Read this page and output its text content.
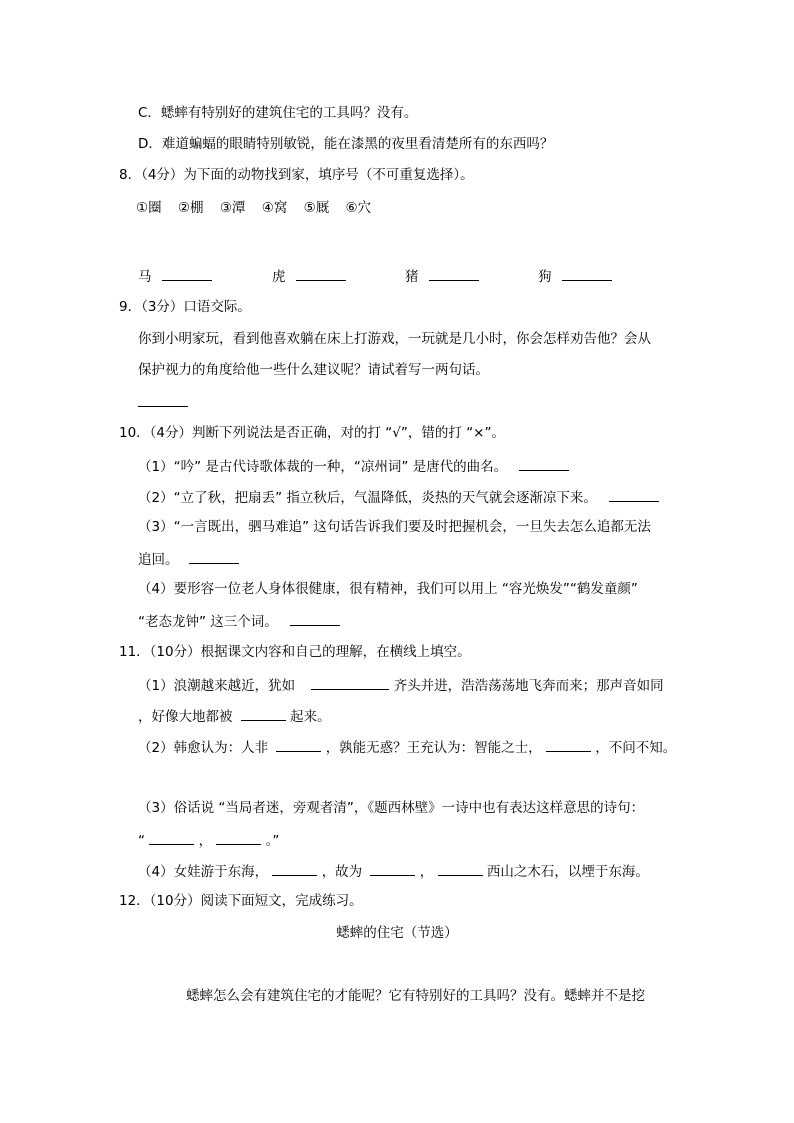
C．蟋蟀有特别好的建筑住宅的工具吗？没有。
D．难道蝙蝠的眼睛特别敏锐，能在漆黑的夜里看清楚所有的东西吗？
8．（4分）为下面的动物找到家，填序号（不可重复选择）。
①圈 ②棚 ③潭 ④窝 ⑤厩 ⑥穴
马	虎	猪	狗
9．（3分）口语交际。
你到小明家玩，看到他喜欢躺在床上打游戏，一玩就是几小时，你会怎样劝告他？会从
保护视力的角度给他一些什么建议呢？请试着写一两句话。
10．（4分）判断下列说法是否正确，对的打 “√”，错的打 “×”。
（1）“吟” 是古代诗歌体裁的一种，“凉州词” 是唐代的曲名。
（2）“立了秋，把扇丢” 指立秋后，气温降低，炎热的天气就会逐渐凉下来。
（3）“一言既出，驷马难追” 这句话告诉我们要及时把握机会，一旦失去怎么追都无法
追回。
（4）要形容一位老人身体很健康，很有精神，我们可以用上 “容光焕发”“鹤发童颜”
“老态龙钟” 这三个词。
11．（10分）根据课文内容和自己的理解，在横线上填空。
（1）浪潮越来越近，犹如	齐头并进，浩浩荡荡地飞奔而来；那声音如同
，好像大地都被	起来。
（2）韩愈认为：人非	，孰能无惑？王充认为：智能之士，	，不问不知。
（3）俗话说 “当局者迷，旁观者清”，《题西林壁》一诗中也有表达这样意思的诗句：
“	，	。”
（4）女娃游于东海，	，故为	，	西山之木石，以堙于东海。
12．（10分）阅读下面短文，完成练习。
蟋蟀的住宅（节选）
蟋蟀怎么会有建筑住宅的才能呢？它有特别好的工具吗？没有。蟋蟀并不是挖
